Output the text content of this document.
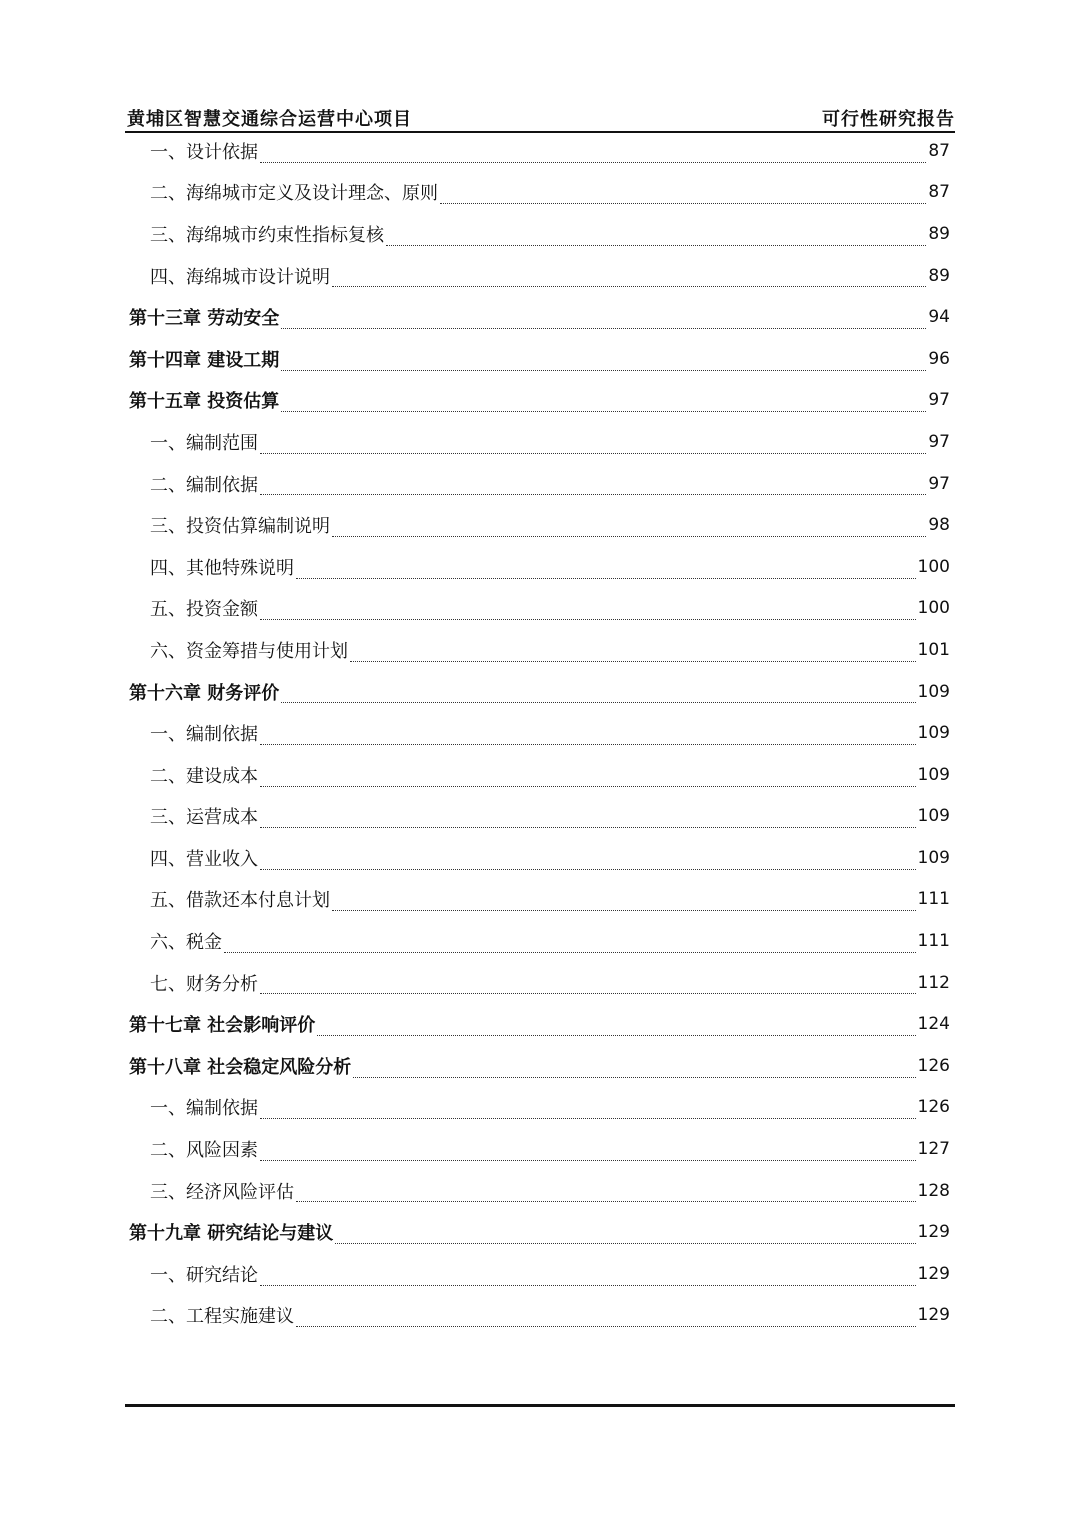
黄埔区智慧交通综合运营中心项目	可行性研究报告
一、设计依据	87
二、海绵城市定义及设计理念、原则	87
三、海绵城市约束性指标复核	89
四、海绵城市设计说明	89
第十三章 劳动安全	94
第十四章 建设工期	96
第十五章 投资估算	97
一、编制范围	97
二、编制依据	97
三、投资估算编制说明	98
四、其他特殊说明	100
五、投资金额	100
六、资金筹措与使用计划	101
第十六章 财务评价	109
一、编制依据	109
二、建设成本	109
三、运营成本	109
四、营业收入	109
五、借款还本付息计划	111
六、税金	111
七、财务分析	112
第十七章 社会影响评价	124
第十八章 社会稳定风险分析	126
一、编制依据	126
二、风险因素	127
三、经济风险评估	128
第十九章 研究结论与建议	129
一、研究结论	129
二、工程实施建议	129
